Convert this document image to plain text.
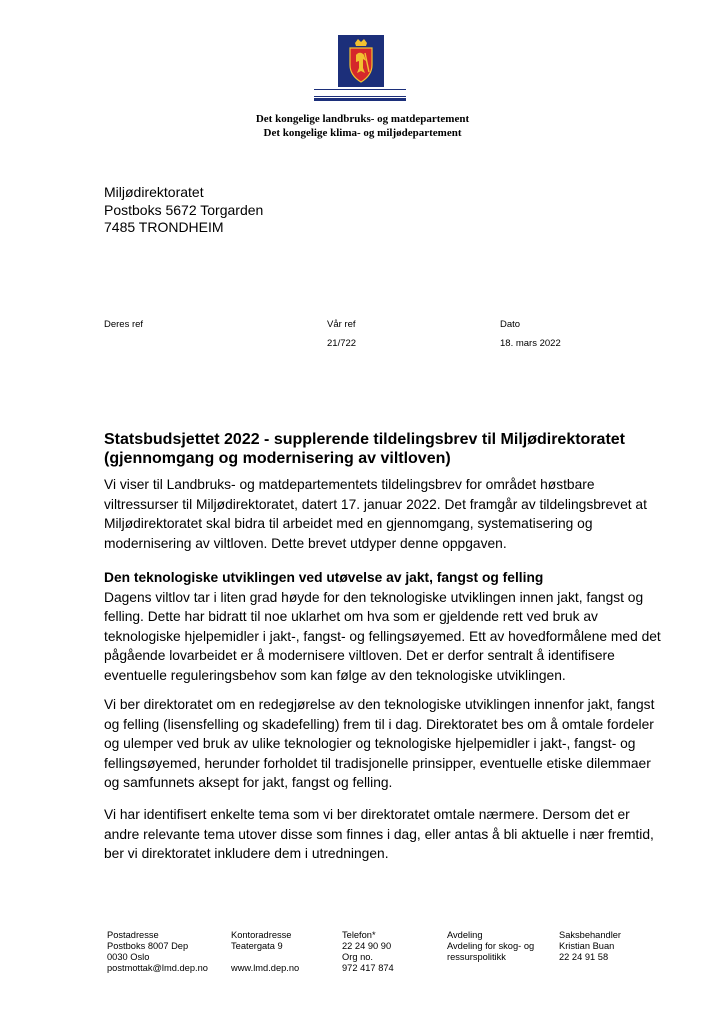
Det kongelige landbruks- og matdepartement
Det kongelige klima- og miljødepartement
Miljødirektoratet
Postboks 5672 Torgarden
7485 TRONDHEIM
Deres ref	Vår ref
21/722
Dato
18. mars 2022
Statsbudsjettet 2022 - supplerende tildelingsbrev til Miljødirektoratet (gjennomgang og modernisering av viltloven)
Vi viser til Landbruks- og matdepartementets tildelingsbrev for området høstbare viltressurser til Miljødirektoratet, datert 17. januar 2022. Det framgår av tildelingsbrevet at Miljødirektoratet skal bidra til arbeidet med en gjennomgang, systematisering og modernisering av viltloven. Dette brevet utdyper denne oppgaven.
Den teknologiske utviklingen ved utøvelse av jakt, fangst og felling
Dagens viltlov tar i liten grad høyde for den teknologiske utviklingen innen jakt, fangst og felling. Dette har bidratt til noe uklarhet om hva som er gjeldende rett ved bruk av teknologiske hjelpemidler i jakt-, fangst- og fellingsøyemed. Ett av hovedformålene med det pågående lovarbeidet er å modernisere viltloven. Det er derfor sentralt å identifisere eventuelle reguleringsbehov som kan følge av den teknologiske utviklingen.
Vi ber direktoratet om en redegjørelse av den teknologiske utviklingen innenfor jakt, fangst og felling (lisensfelling og skadefelling) frem til i dag. Direktoratet bes om å omtale fordeler og ulemper ved bruk av ulike teknologier og teknologiske hjelpemidler i jakt-, fangst- og fellingsøyemed, herunder forholdet til tradisjonelle prinsipper, eventuelle etiske dilemmaer og samfunnets aksept for jakt, fangst og felling.
Vi har identifisert enkelte tema som vi ber direktoratet omtale nærmere. Dersom det er andre relevante tema utover disse som finnes i dag, eller antas å bli aktuelle i nær fremtid, ber vi direktoratet inkludere dem i utredningen.
Postadresse
Postboks 8007 Dep
0030 Oslo
postmottak@lmd.dep.no
Kontoradresse
Teatergata 9
www.lmd.dep.no
Telefon*
22 24 90 90
Org no.
972 417 874
Avdeling
Avdeling for skog- og
ressurspolitikk
Saksbehandler
Kristian Buan
22 24 91 58
